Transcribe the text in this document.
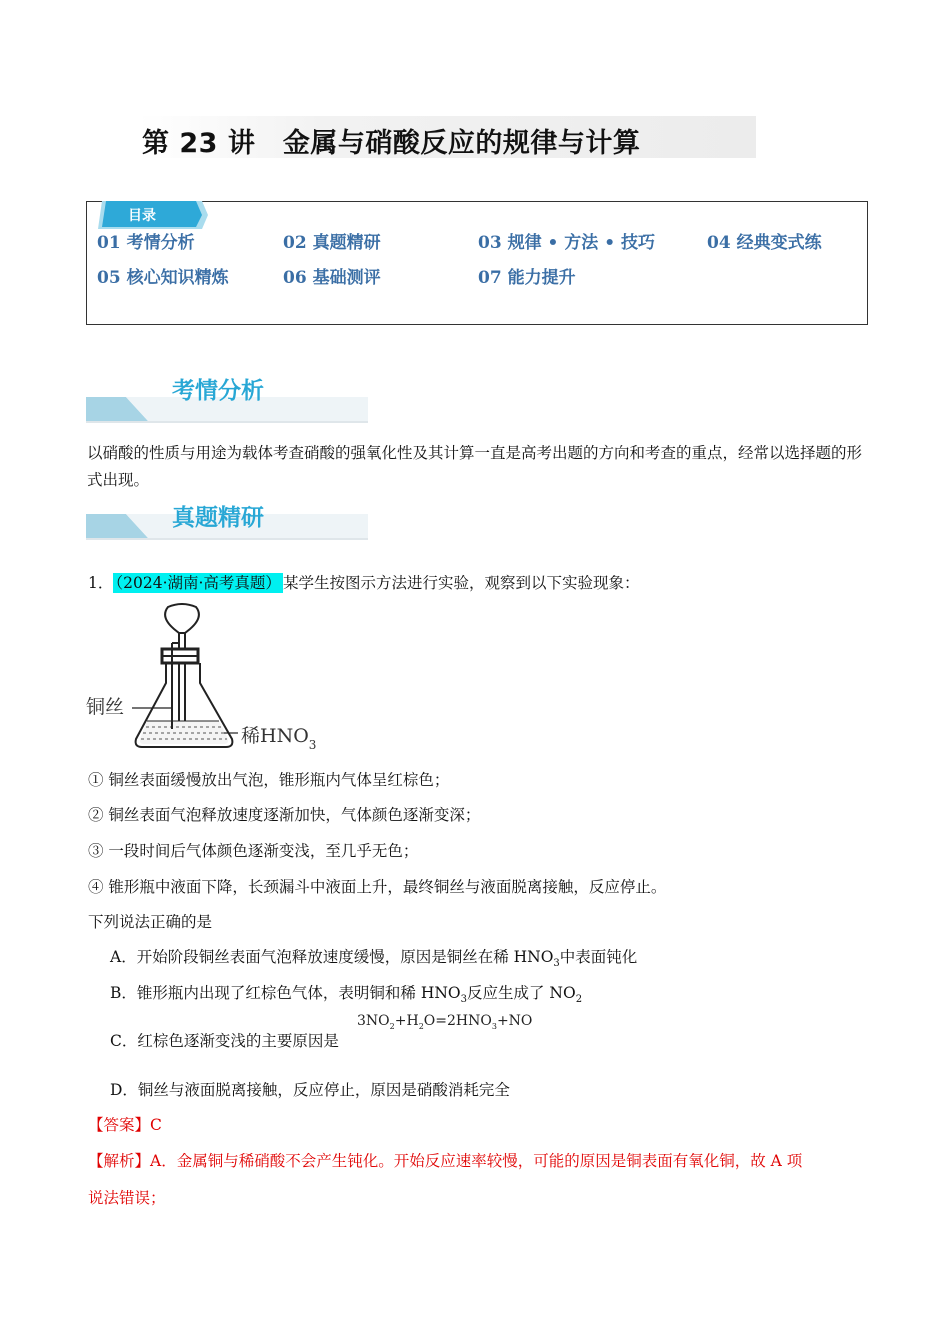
第 23 讲　金属与硝酸反应的规律与计算
目录
01 考情分析	02 真题精研	03 规律 • 方法 • 技巧	04 经典变式练
05 核心知识精炼	06 基础测评	07 能力提升
考情分析
以硝酸的性质与用途为载体考查硝酸的强氧化性及其计算一直是高考出题的方向和考查的重点，经常以选择题的形式出现。
真题精研
1． （2024·湖南·高考真题） 某学生按图示方法进行实验，观察到以下实验现象：
铜丝
稀$HNO_3$
① 铜丝表面缓慢放出气泡，锥形瓶内气体呈红棕色；
② 铜丝表面气泡释放速度逐渐加快，气体颜色逐渐变深；
③ 一段时间后气体颜色逐渐变浅，至几乎无色；
④ 锥形瓶中液面下降，长颈漏斗中液面上升，最终铜丝与液面脱离接触，反应停止。
下列说法正确的是
A．开始阶段铜丝表面气泡释放速度缓慢，原因是铜丝在稀 $HNO_3$中表面钝化
B．锥形瓶内出现了红棕色气体，表明铜和稀 $HNO_3$反应生成了 $NO_2$
C．红棕色逐渐变浅的主要原因是
$3NO_2+H_2O=2HNO_3+NO$
D．铜丝与液面脱离接触，反应停止，原因是硝酸消耗完全
【答案】C
【解析】A．金属铜与稀硝酸不会产生钝化。开始反应速率较慢，可能的原因是铜表面有氧化铜，故 A 项
说法错误；
